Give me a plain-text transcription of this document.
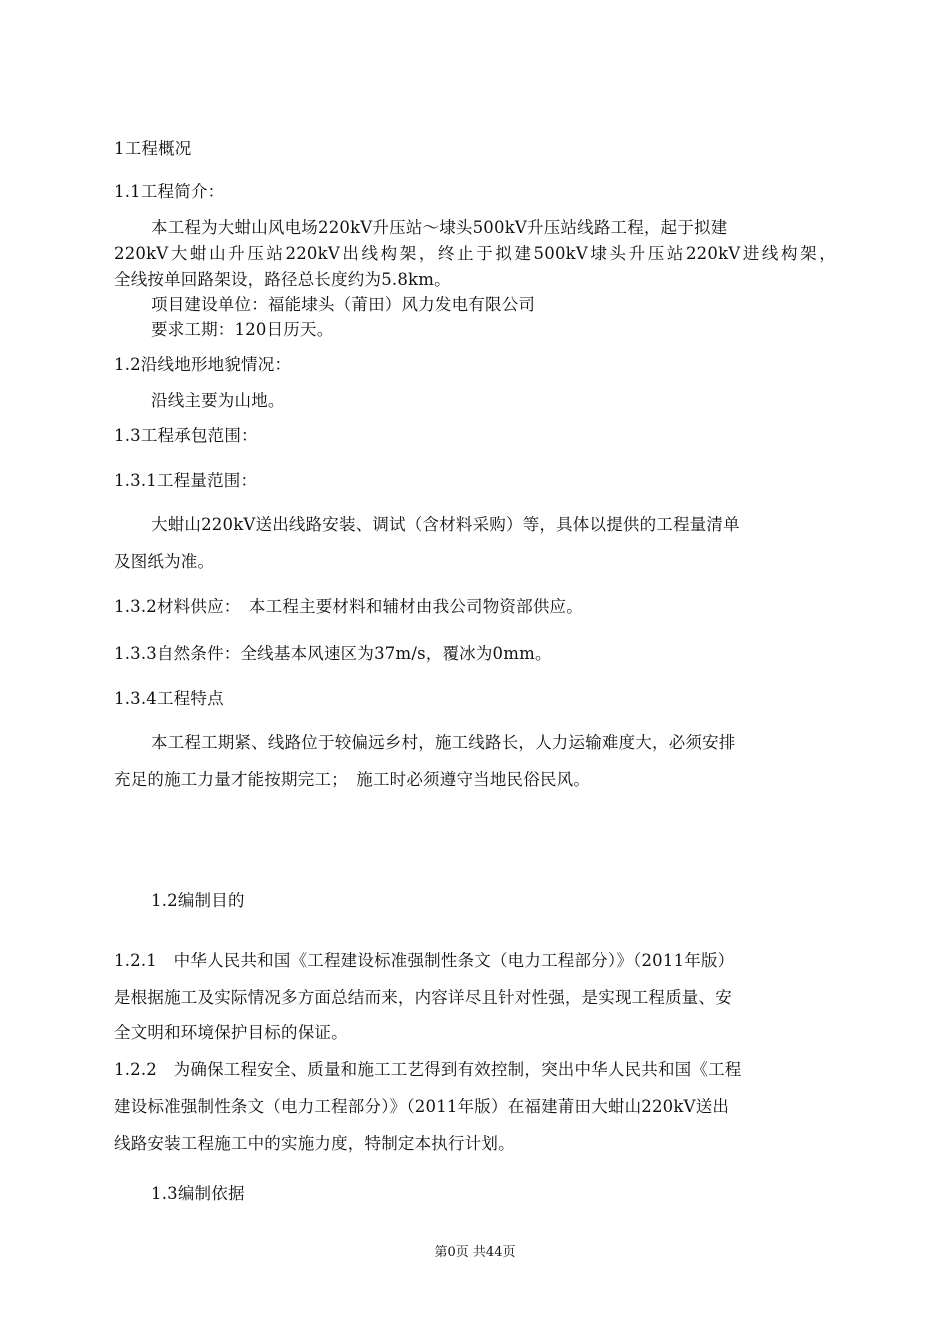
1工程概况
1.1工程简介：
本工程为大蚶山风电场220kV升压站～埭头500kV升压站线路工程，起于拟建
220kV大蚶山升压站220kV出线构架，终止于拟建500kV埭头升压站220kV进线构架，
全线按单回路架设，路径总长度约为5.8km。
项目建设单位：福能埭头（莆田）风力发电有限公司
要求工期：120日历天。
1.2沿线地形地貌情况：
沿线主要为山地。
1.3工程承包范围：
1.3.1工程量范围：
大蚶山220kV送出线路安装、调试（含材料采购）等，具体以提供的工程量清单
及图纸为准。
1.3.2材料供应：　本工程主要材料和辅材由我公司物资部供应。
1.3.3自然条件：全线基本风速区为37m/s，覆冰为0mm。
1.3.4工程特点
本工程工期紧、线路位于较偏远乡村，施工线路长，人力运输难度大，必须安排
充足的施工力量才能按期完工；　施工时必须遵守当地民俗民风。
1.2编制目的
1.2.1　中华人民共和国《工程建设标准强制性条文（电力工程部分）》（2011年版）
是根据施工及实际情况多方面总结而来，内容详尽且针对性强，是实现工程质量、安
全文明和环境保护目标的保证。
1.2.2　为确保工程安全、质量和施工工艺得到有效控制，突出中华人民共和国《工程
建设标准强制性条文（电力工程部分）》（2011年版）在福建莆田大蚶山220kV送出
线路安装工程施工中的实施力度，特制定本执行计划。
1.3编制依据
第0页 共44页
